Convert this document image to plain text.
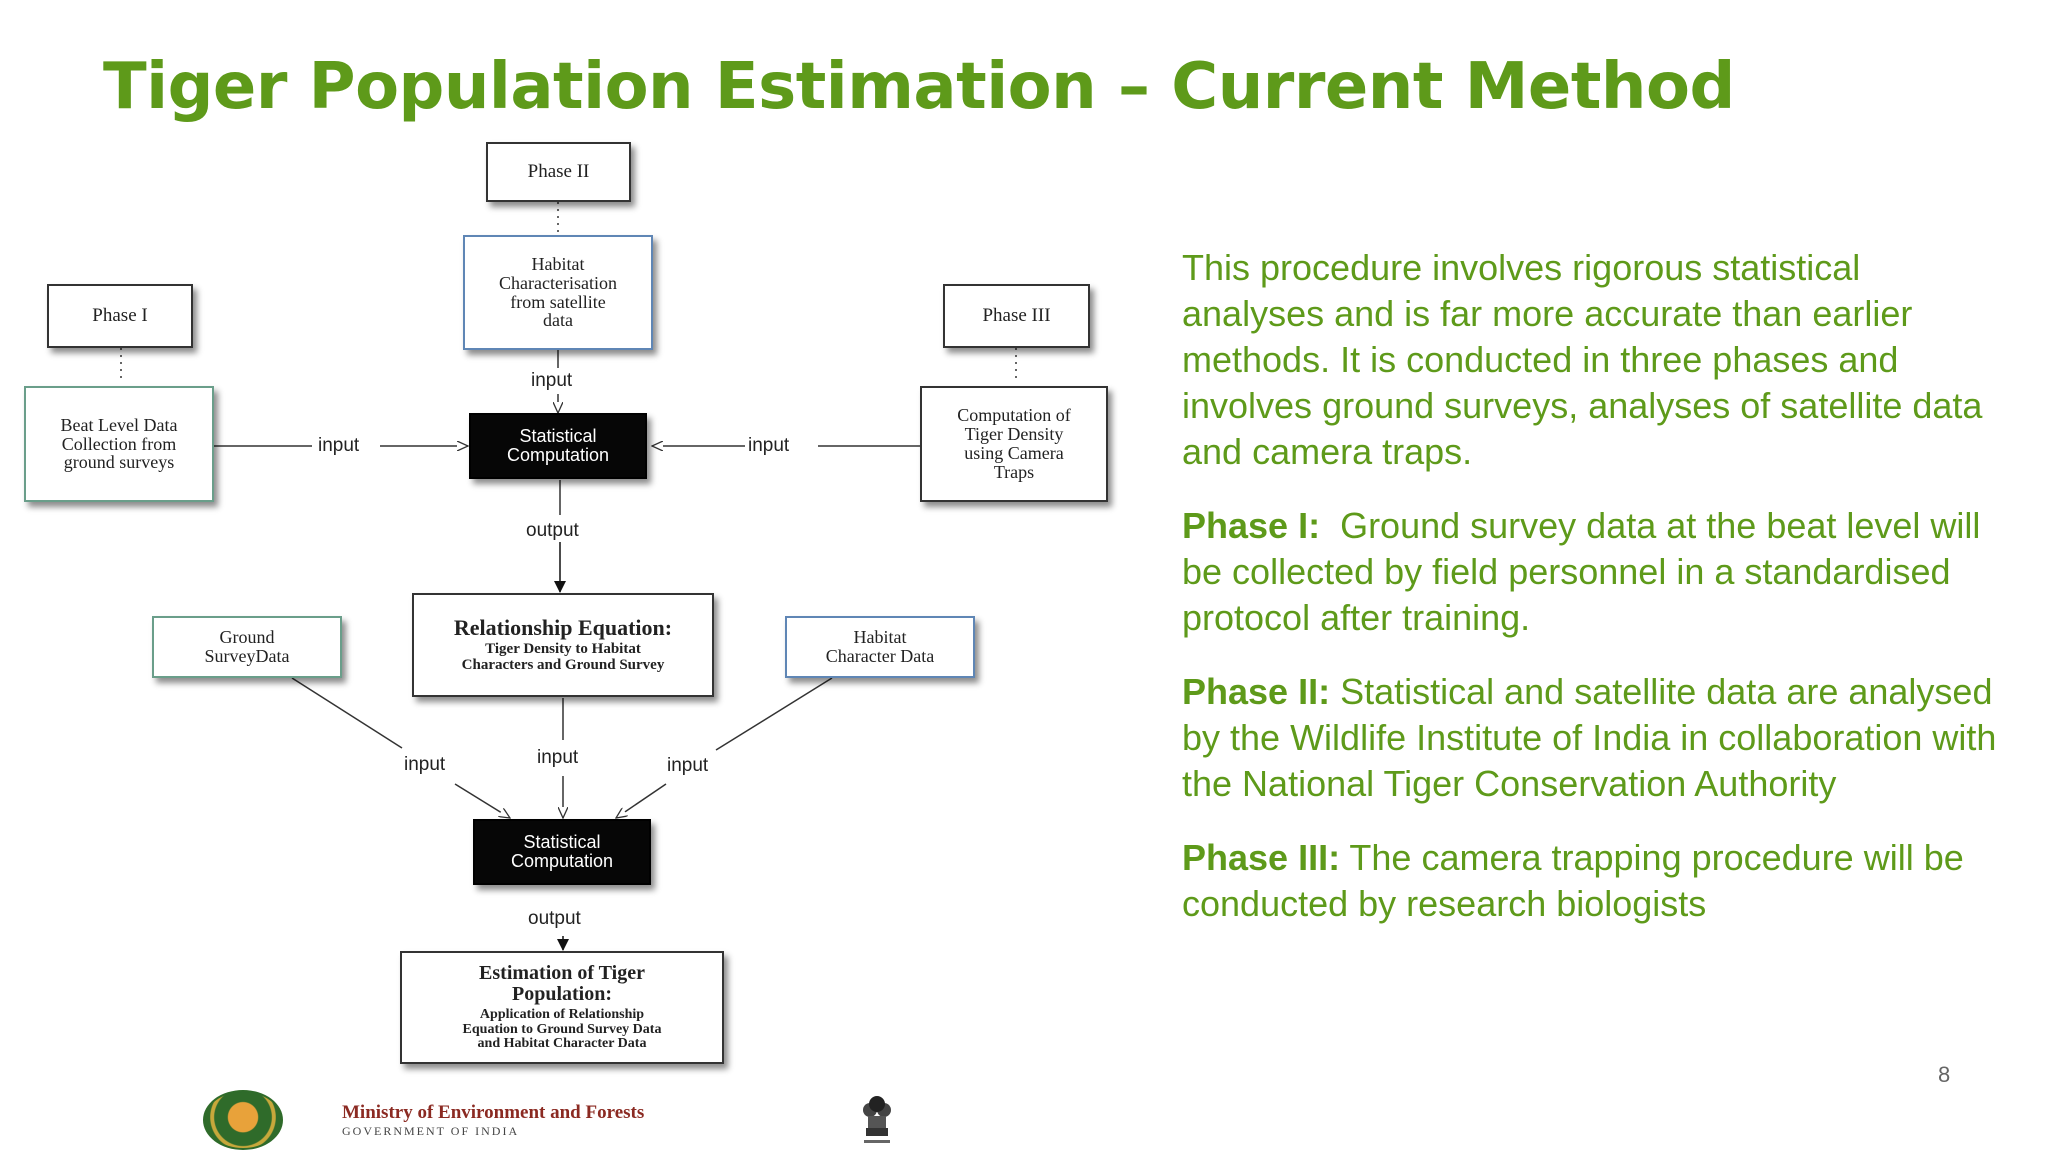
Tiger Population Estimation – Current Method
Phase II
Phase I	Phase III
Habitat
Characterisation
from satellite
data
Beat Level Data
Collection from
ground surveys
Computation of
Tiger Density
using Camera
Traps
Statistical
Computation
Relationship Equation:
Tiger Density to Habitat
Characters and Ground Survey
Ground
SurveyData
Habitat
Character Data
Statistical
Computation
Estimation of Tiger
Population:
Application of Relationship
Equation to Ground Survey Data
and Habitat Character Data
input
input	input
output
input	input	input
output

This procedure involves rigorous statistical analyses and is far more accurate than earlier methods. It is conducted in three phases and involves ground surveys, analyses of satellite data and camera traps.

Phase I:  Ground survey data at the beat level will be collected by field personnel in a standardised protocol after training.

Phase II: Statistical and satellite data are analysed by the Wildlife Institute of India in collaboration with the National Tiger Conservation Authority

Phase III: The camera trapping procedure will be conducted by research biologists

8
Ministry of Environment and Forests
GOVERNMENT OF INDIA
